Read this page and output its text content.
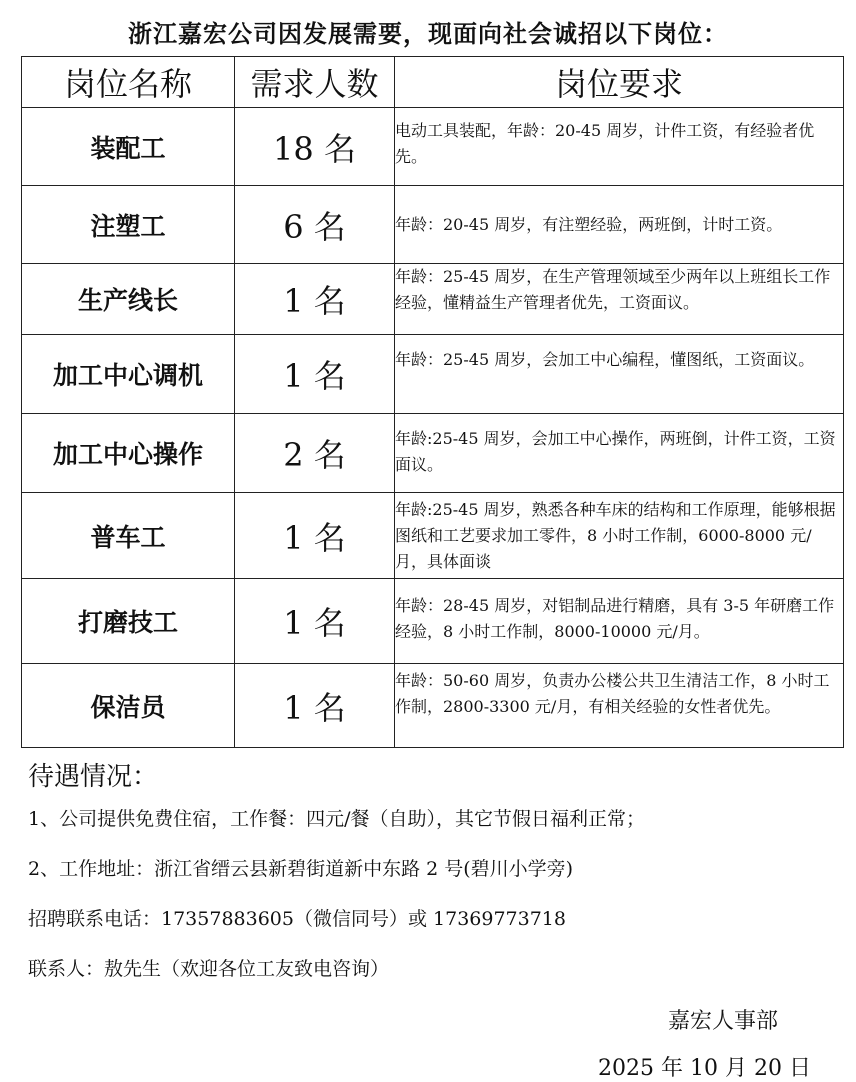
浙江嘉宏公司因发展需要，现面向社会诚招以下岗位：
岗位名称	需求人数	岗位要求
装配工	18 名	电动工具装配，年龄：20-45 周岁，计件工资，有经验者优先。
注塑工	6 名	年龄：20-45 周岁，有注塑经验，两班倒，计时工资。
生产线长	1 名	年龄：25-45 周岁，在生产管理领域至少两年以上班组长工作经验，懂精益生产管理者优先，工资面议。
加工中心调机	1 名	年龄：25-45 周岁，会加工中心编程，懂图纸，工资面议。
加工中心操作	2 名	年龄:25-45 周岁，会加工中心操作，两班倒，计件工资，工资面议。
普车工	1 名	年龄:25-45 周岁，熟悉各种车床的结构和工作原理，能够根据图纸和工艺要求加工零件，8 小时工作制，6000-8000 元/月，具体面谈
打磨技工	1 名	年龄：28-45 周岁，对铝制品进行精磨，具有 3-5 年研磨工作经验，8 小时工作制，8000-10000 元/月。
保洁员	1 名	年龄：50-60 周岁，负责办公楼公共卫生清洁工作，8 小时工作制，2800-3300 元/月，有相关经验的女性者优先。
待遇情况：
1、公司提供免费住宿，工作餐：四元/餐（自助），其它节假日福利正常；
2、工作地址：浙江省缙云县新碧街道新中东路 2 号(碧川小学旁)
招聘联系电话：17357883605（微信同号）或 17369773718
联系人：敖先生（欢迎各位工友致电咨询）
嘉宏人事部
2025 年 10 月 20 日
